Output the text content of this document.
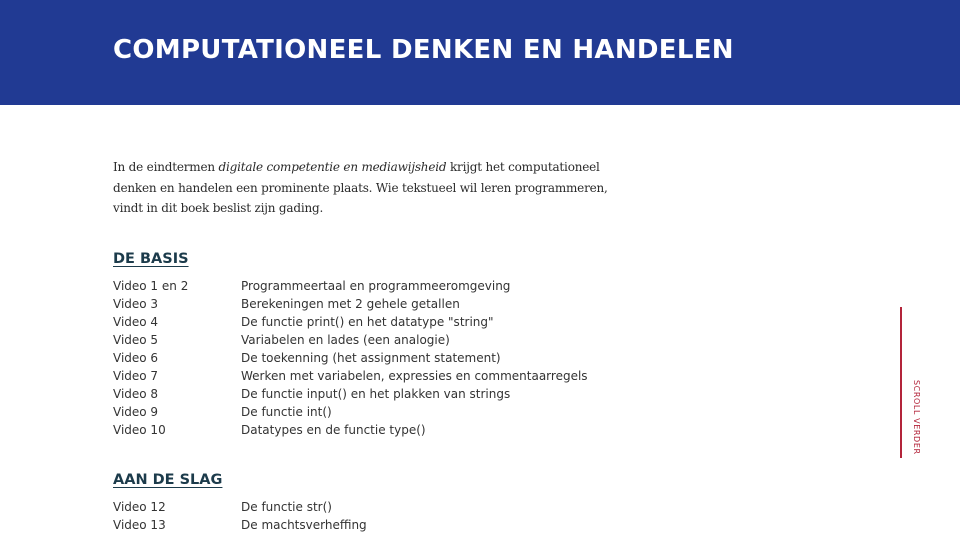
COMPUTATIONEEL DENKEN EN HANDELEN

In de eindtermen digitale competentie en mediawijsheid krijgt het computationeel denken en handelen een prominente plaats. Wie tekstueel wil leren programmeren, vindt in dit boek beslist zijn gading.

DE BASIS
Video 1 en 2	Programmeertaal en programmeeromgeving
Video 3	Berekeningen met 2 gehele getallen
Video 4	De functie print() en het datatype "string"
Video 5	Variabelen en lades (een analogie)
Video 6	De toekenning (het assignment statement)
Video 7	Werken met variabelen, expressies en commentaarregels
Video 8	De functie input() en het plakken van strings
Video 9	De functie int()
Video 10	Datatypes en de functie type()
AAN DE SLAG
Video 12	De functie str()
Video 13	De machtsverheffing
SCROLL VERDER
